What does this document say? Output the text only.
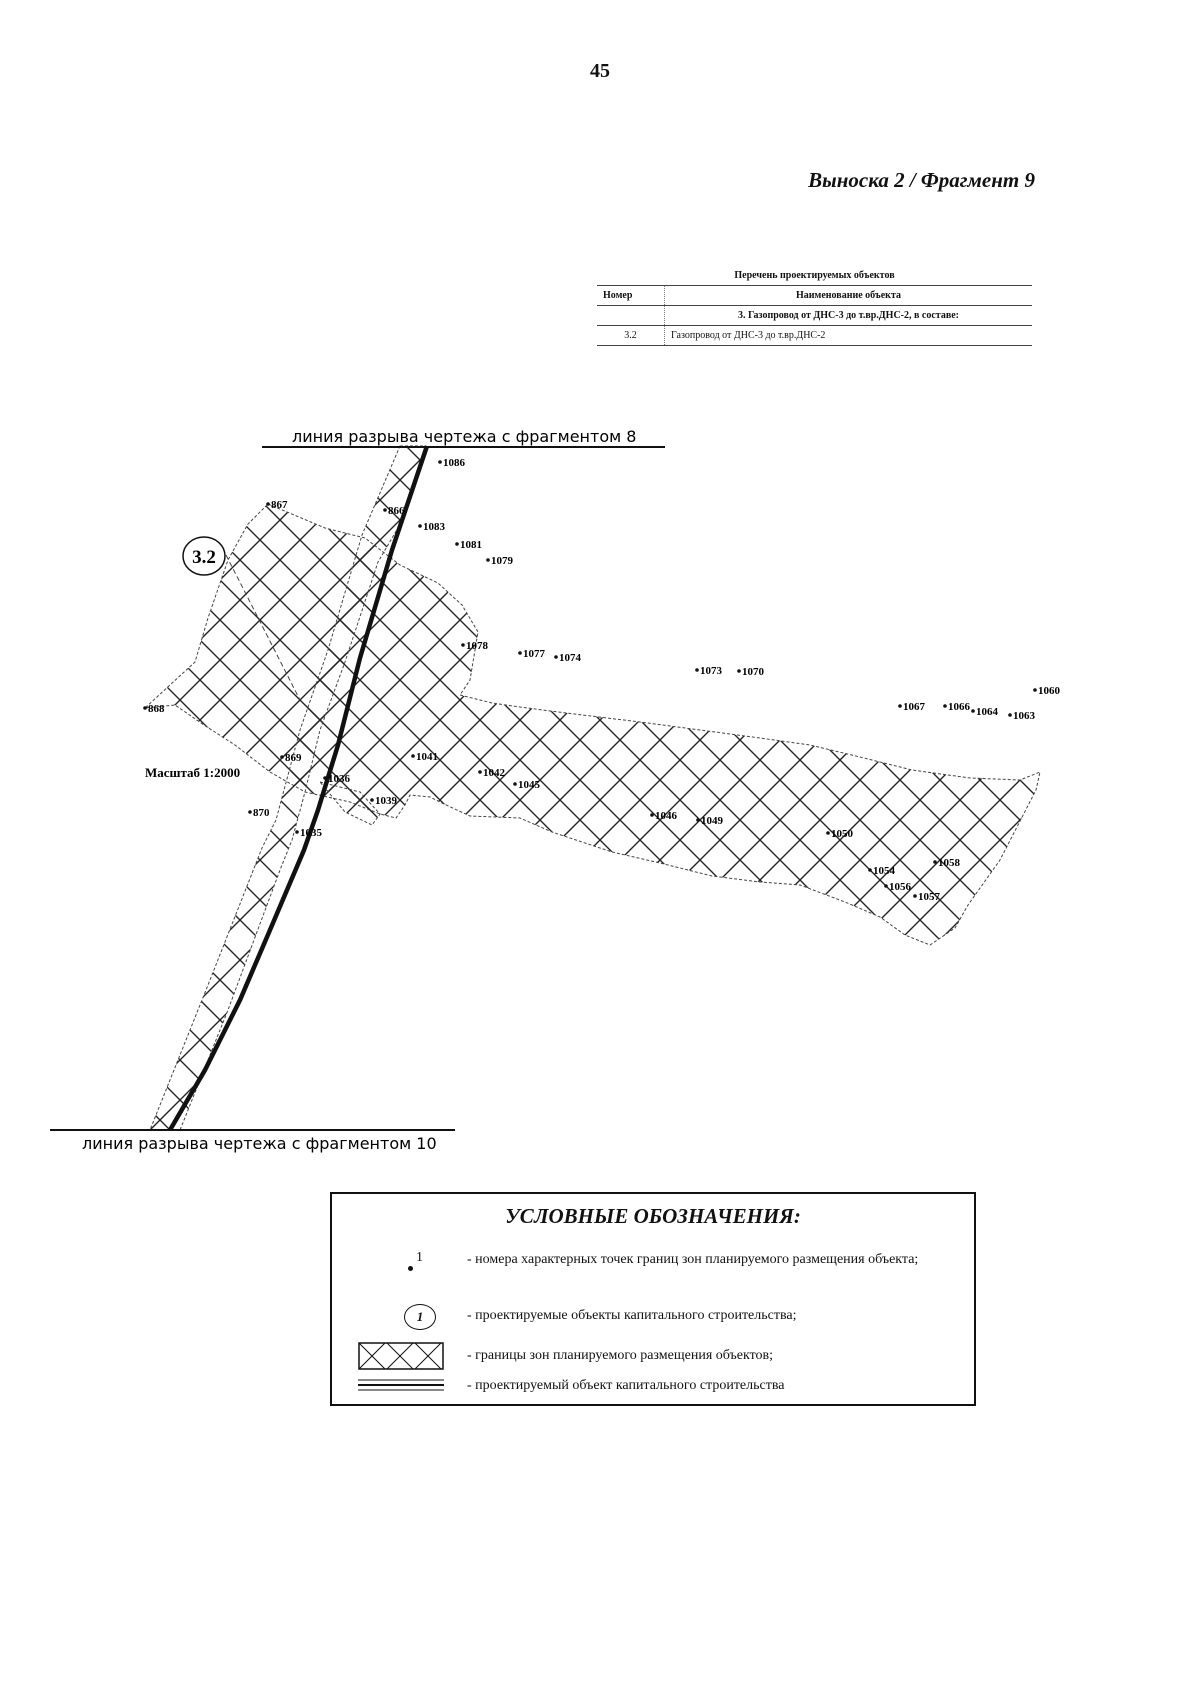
45
Выноска 2 / Фрагмент 9
Перечень проектируемых объектов
Номер	Наименование объекта
	3. Газопровод от ДНС-3 до т.вр.ДНС-2, в составе:
3.2	Газопровод от ДНС-3 до т.вр.ДНС-2
линия разрыва чертежа с фрагментом 8
линия разрыва чертежа с фрагментом 10
3.2
Масштаб 1:2000
867
1086
866
1083
1081
1079
1078
1077 1074
1073 1070
1060
1067 1066 1064 1063
868
869
1036
1041
1042
1045
1039
870
1035
1046 1049
1050
1058
1054
1056
1057
УСЛОВНЫЕ ОБОЗНАЧЕНИЯ:
1	- номера характерных точек границ зон планируемого размещения объекта;
1	- проектируемые объекты капитального строительства;
- границы зон планируемого размещения объектов;
- проектируемый объект капитального строительства
